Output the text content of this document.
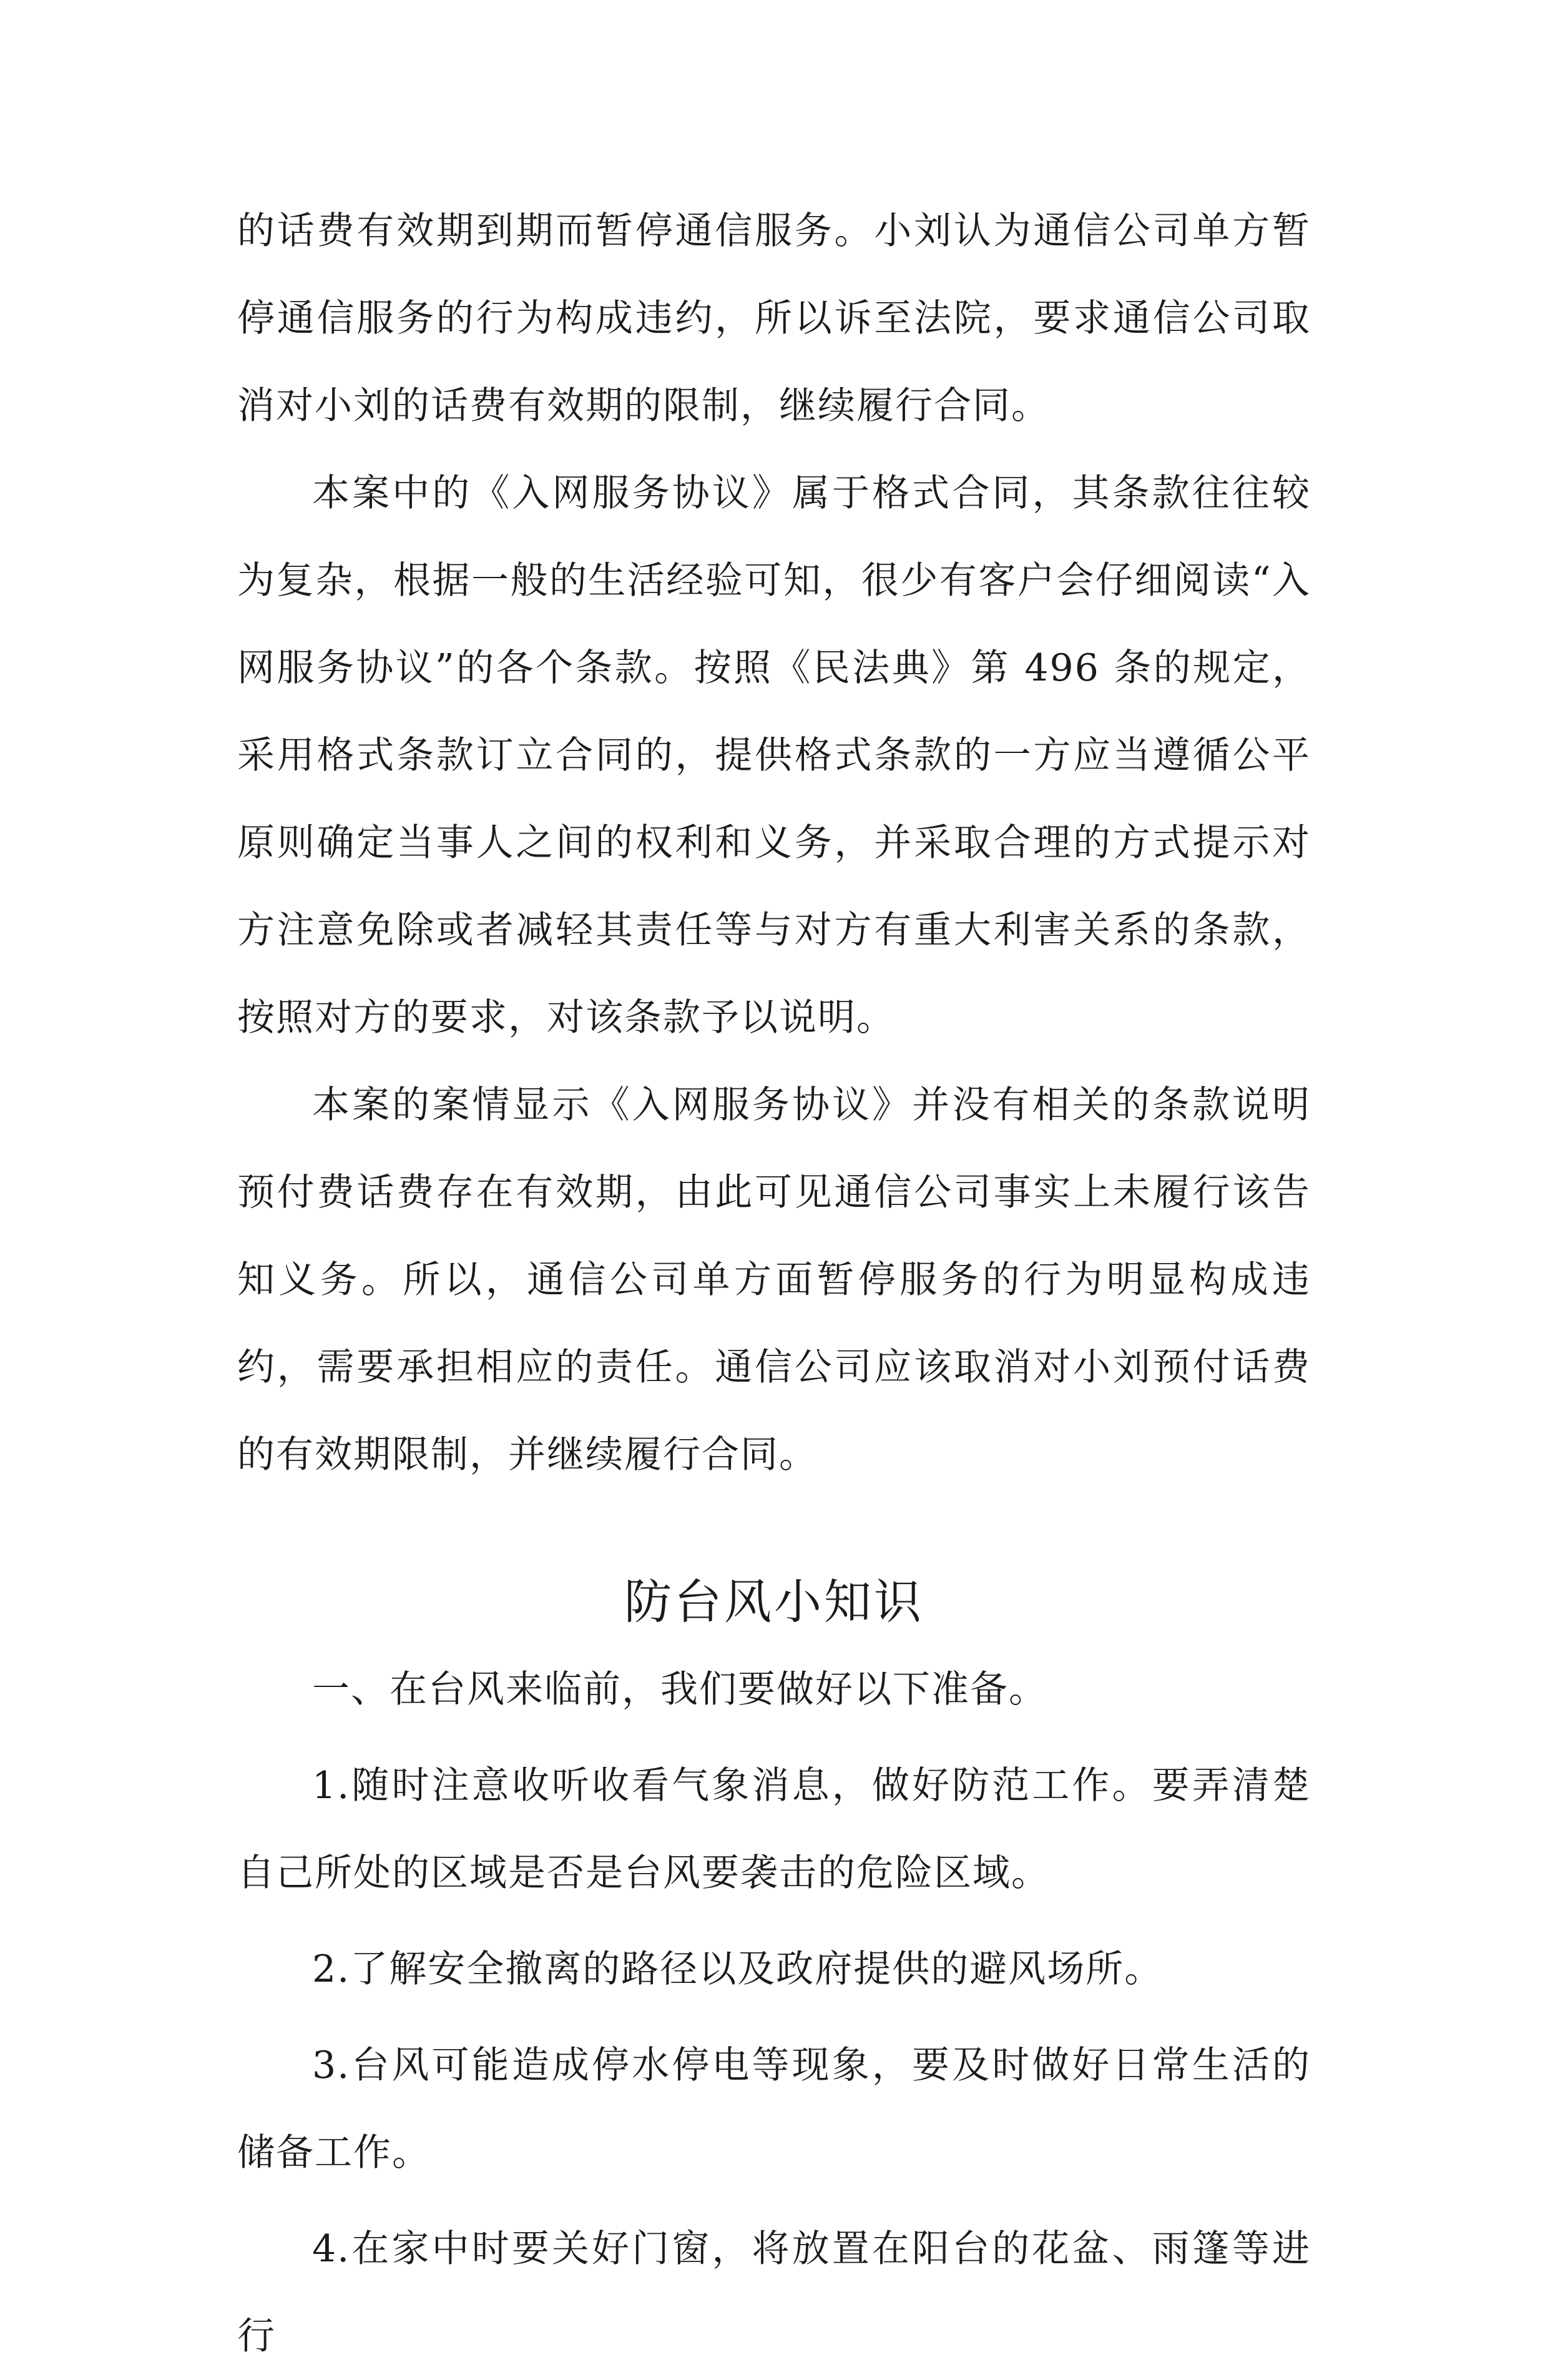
的话费有效期到期而暂停通信服务。小刘认为通信公司单方暂停通信服务的行为构成违约，所以诉至法院，要求通信公司取消对小刘的话费有效期的限制，继续履行合同。

本案中的《入网服务协议》属于格式合同，其条款往往较为复杂，根据一般的生活经验可知，很少有客户会仔细阅读“入网服务协议”的各个条款。按照《民法典》第 496 条的规定，采用格式条款订立合同的，提供格式条款的一方应当遵循公平原则确定当事人之间的权利和义务，并采取合理的方式提示对方注意免除或者减轻其责任等与对方有重大利害关系的条款，按照对方的要求，对该条款予以说明。

本案的案情显示《入网服务协议》并没有相关的条款说明预付费话费存在有效期，由此可见通信公司事实上未履行该告知义务。所以，通信公司单方面暂停服务的行为明显构成违约，需要承担相应的责任。通信公司应该取消对小刘预付话费的有效期限制，并继续履行合同。

防台风小知识

一、在台风来临前，我们要做好以下准备。

1.随时注意收听收看气象消息，做好防范工作。要弄清楚自己所处的区域是否是台风要袭击的危险区域。

2.了解安全撤离的路径以及政府提供的避风场所。

3.台风可能造成停水停电等现象，要及时做好日常生活的储备工作。

4.在家中时要关好门窗，将放置在阳台的花盆、雨篷等进行
